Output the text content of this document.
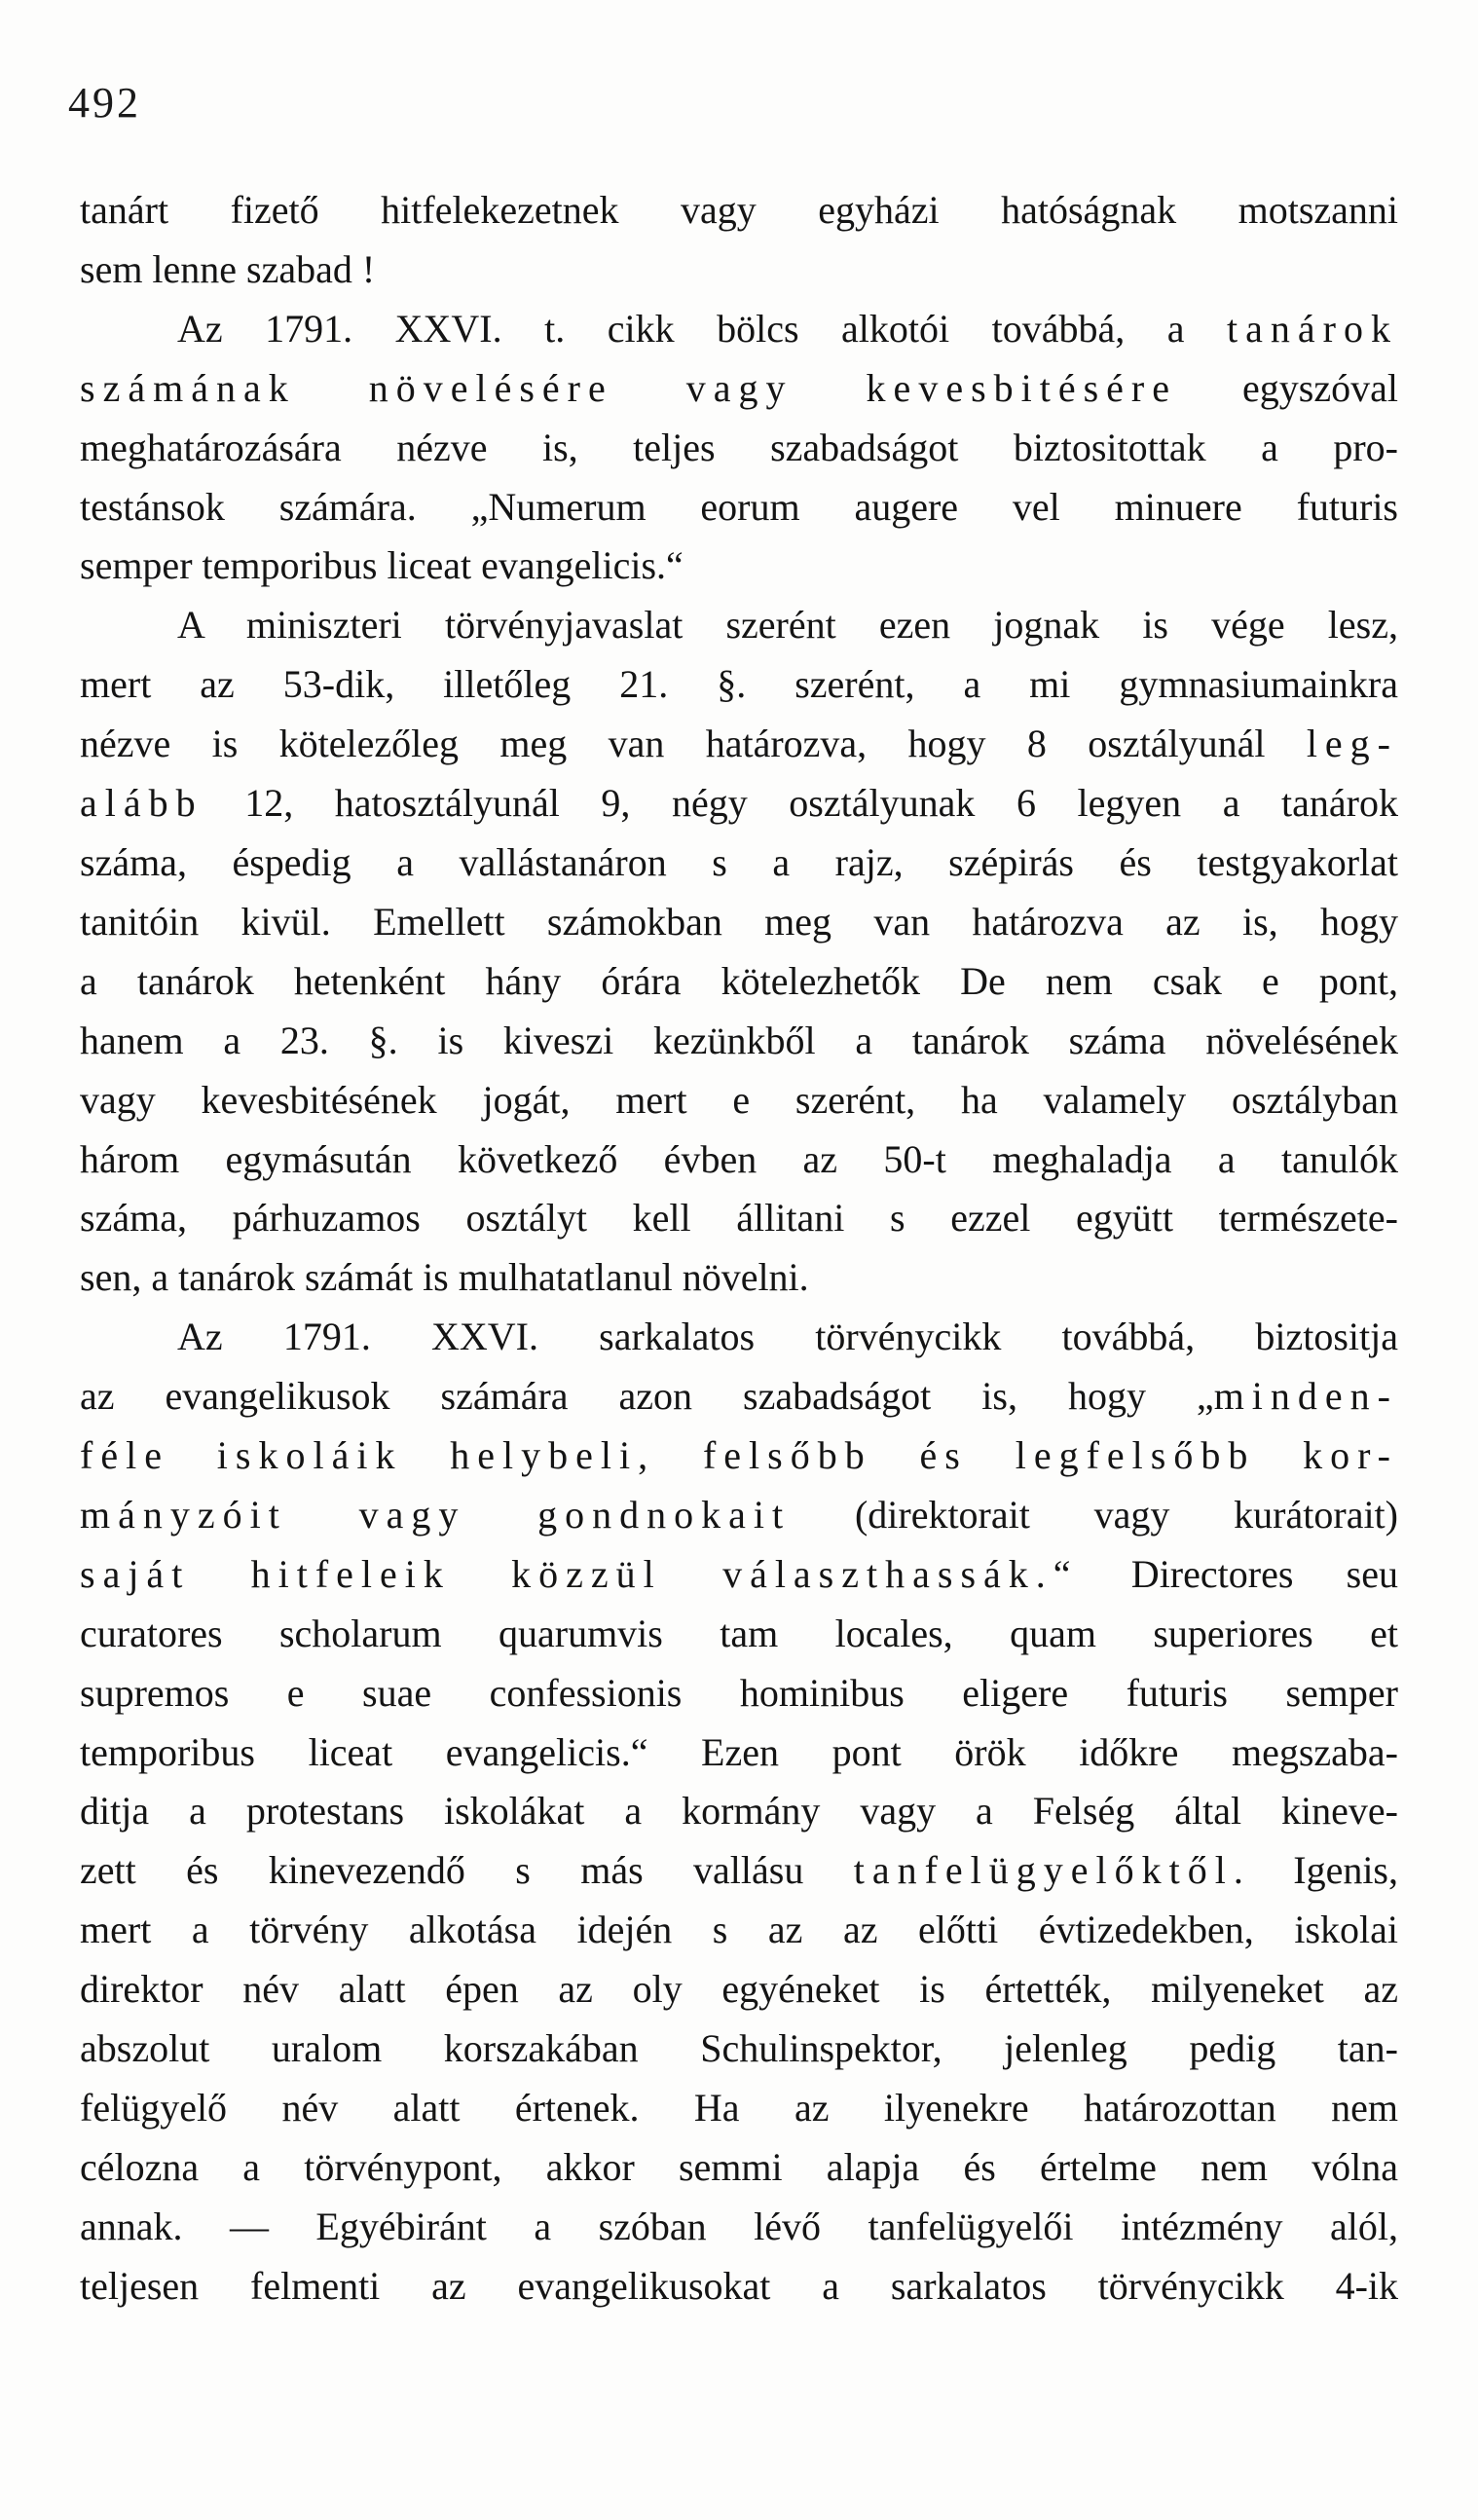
492
tanárt fizető hitfelekezetnek vagy egyházi hatóságnak motszanni
sem lenne szabad !
Az 1791. XXVI. t. cikk bölcs alkotói továbbá, a tanárok
számának növelésére vagy kevesbitésére egyszóval
meghatározására nézve is, teljes szabadságot biztositottak a pro-
testánsok számára. „Numerum eorum augere vel minuere futuris
semper temporibus liceat evangelicis.“
A miniszteri törvényjavaslat szerént ezen jognak is vége lesz,
mert az 53-dik, illetőleg 21. §. szerént, a mi gymnasiumainkra
nézve is kötelezőleg meg van határozva, hogy 8 osztályunál leg-
alább 12, hatosztályunál 9, négy osztályunak 6 legyen a tanárok
száma, éspedig a vallástanáron s a rajz, szépirás és testgyakorlat
tanitóin kivül. Emellett számokban meg van határozva az is, hogy
a tanárok hetenként hány órára kötelezhetők De nem csak e pont,
hanem a 23. §. is kiveszi kezünkből a tanárok száma növelésének
vagy kevesbitésének jogát, mert e szerént, ha valamely osztályban
három egymásután következő évben az 50-t meghaladja a tanulók
száma, párhuzamos osztályt kell állitani s ezzel együtt természete-
sen, a tanárok számát is mulhatatlanul növelni.
Az 1791. XXVI. sarkalatos törvénycikk továbbá, biztositja
az evangelikusok számára azon szabadságot is, hogy „minden-
féle iskoláik helybeli, felsőbb és legfelsőbb kor-
mányzóit vagy gondnokait (direktorait vagy kurátorait)
saját hitfeleik közzül választhassák.“ Directores seu
curatores scholarum quarumvis tam locales, quam superiores et
supremos e suae confessionis hominibus eligere futuris semper
temporibus liceat evangelicis.“ Ezen pont örök időkre megszaba-
ditja a protestans iskolákat a kormány vagy a Felség által kineve-
zett és kinevezendő s más vallásu tanfelügyelőktől. Igenis,
mert a törvény alkotása idején s az az előtti évtizedekben, iskolai
direktor név alatt épen az oly egyéneket is értették, milyeneket az
abszolut uralom korszakában Schulinspektor, jelenleg pedig tan-
felügyelő név alatt értenek. Ha az ilyenekre határozottan nem
célozna a törvénypont, akkor semmi alapja és értelme nem vólna
annak. — Egyébiránt a szóban lévő tanfelügyelői intézmény alól,
teljesen felmenti az evangelikusokat a sarkalatos törvénycikk 4-ik
